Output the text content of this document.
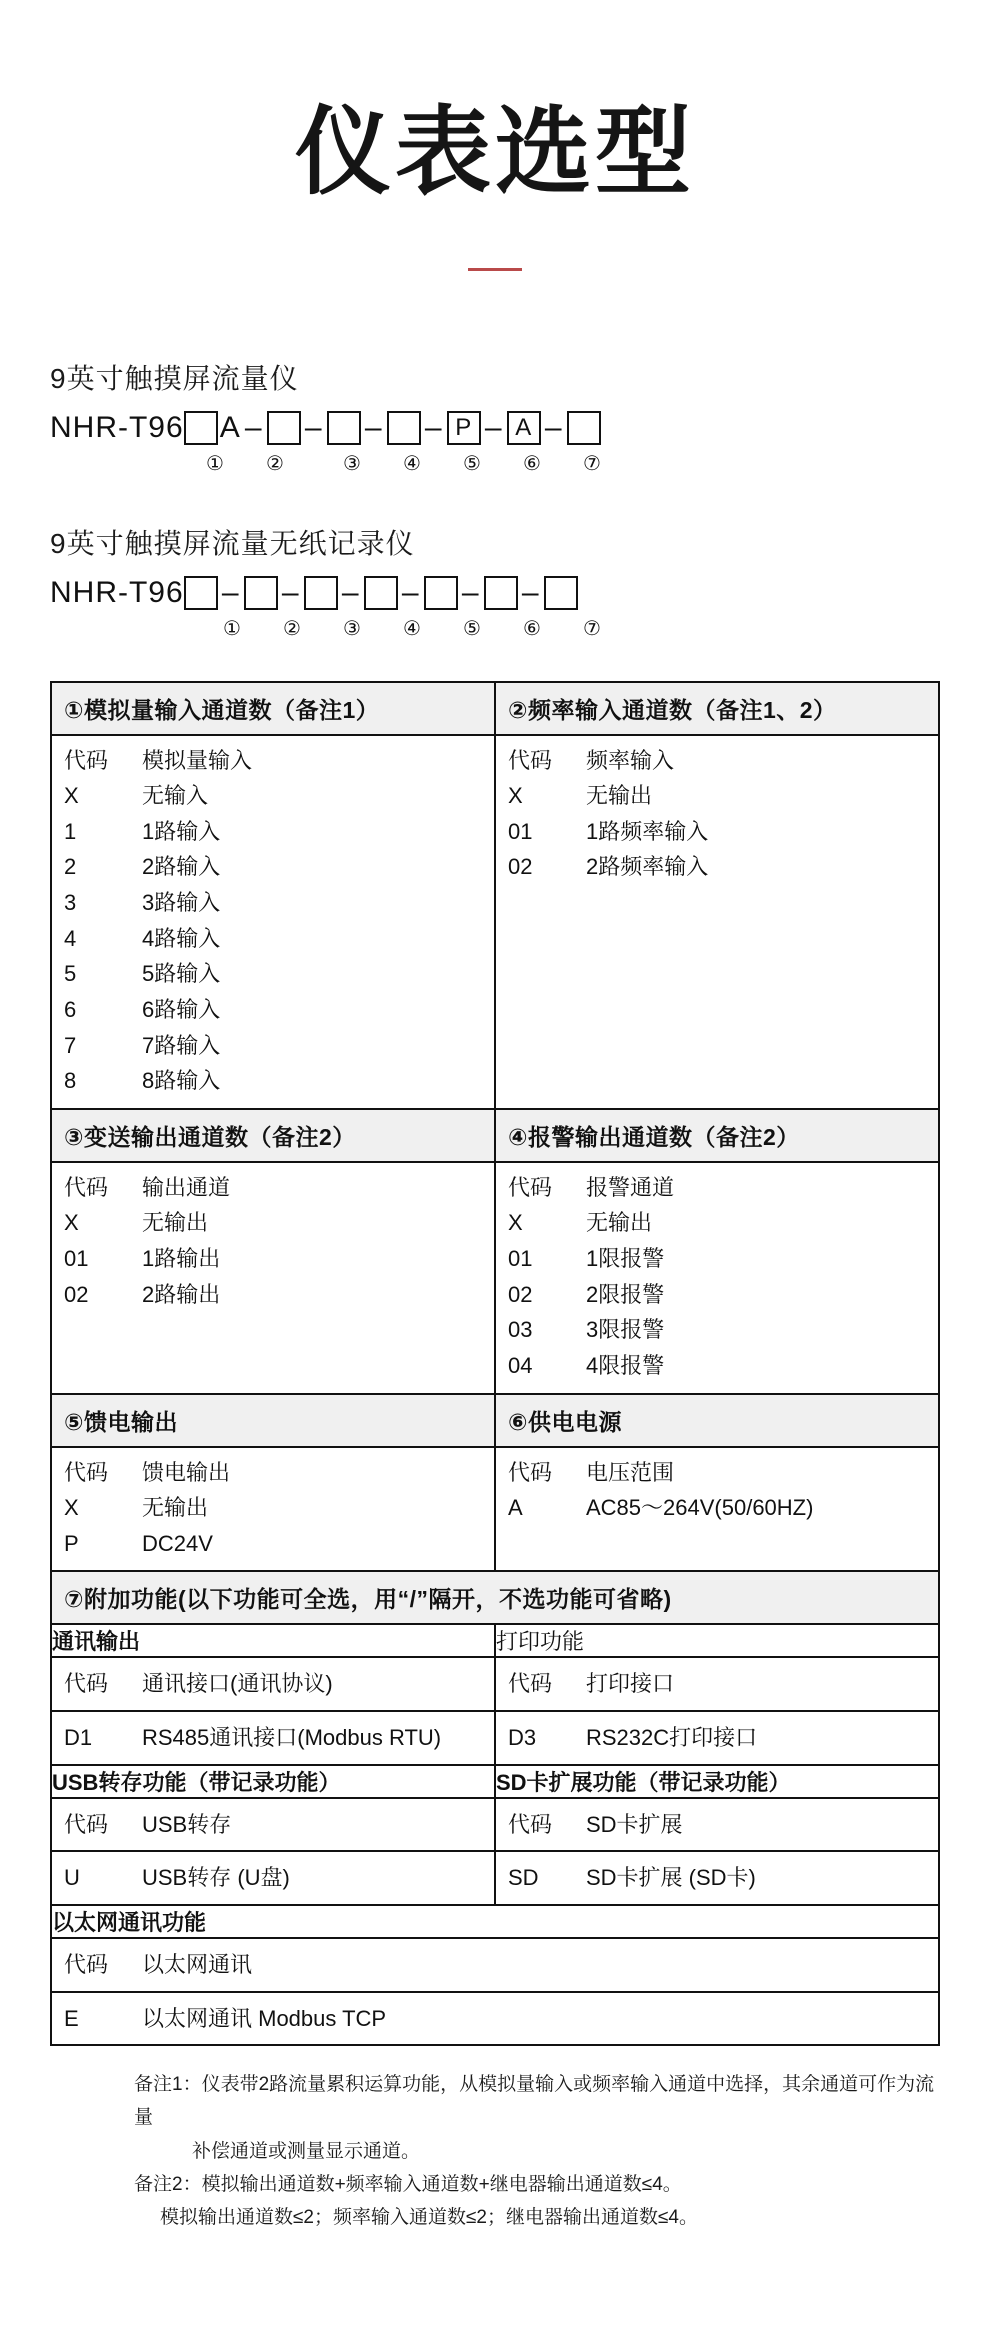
仪表选型
9英寸触摸屏流量仪
NHR-T96 A – – – – P – A –
①	②	③	④	⑤	⑥	⑦
9英寸触摸屏流量无纸记录仪
NHR-T96 – – – – – –
①	②	③	④	⑤	⑥	⑦
①模拟量输入通道数（备注1）
代码	模拟量输入
X	无输入
1	1路输入
2	2路输入
3	3路输入
4	4路输入
5	5路输入
6	6路输入
7	7路输入
8	8路输入

②频率输入通道数（备注1、2）
代码	频率输入
X	无输出
01	1路频率输入
02	2路频率输入

③变送输出通道数（备注2）
代码	输出通道
X	无输出
01	1路输出
02	2路输出

④报警输出通道数（备注2）
代码	报警通道
X	无输出
01	1限报警
02	2限报警
03	3限报警
04	4限报警

⑤馈电输出
代码	馈电输出
X	无输出
P	DC24V

⑥供电电源
代码	电压范围
A	AC85～264V(50/60HZ)

⑦附加功能(以下功能可全选，用“/”隔开，不选功能可省略)	

通讯输出	打印功能

代码	通讯接口(通讯协议)	代码	打印接口

D1	RS485通讯接口(Modbus RTU)	D3	RS232C打印接口

USB转存功能（带记录功能）	SD卡扩展功能（带记录功能）

代码	USB转存	代码	SD卡扩展

U	USB转存 (U盘)	SD	SD卡扩展 (SD卡)

以太网通讯功能	

代码 以太网通讯	

E 以太网通讯 Modbus TCP	
备注1：仪表带2路流量累积运算功能，从模拟量输入或频率输入通道中选择，其余通道可作为流量
补偿通道或测量显示通道。
备注2：模拟输出通道数+频率输入通道数+继电器输出通道数≤4。
模拟输出通道数≤2；频率输入通道数≤2；继电器输出通道数≤4。
